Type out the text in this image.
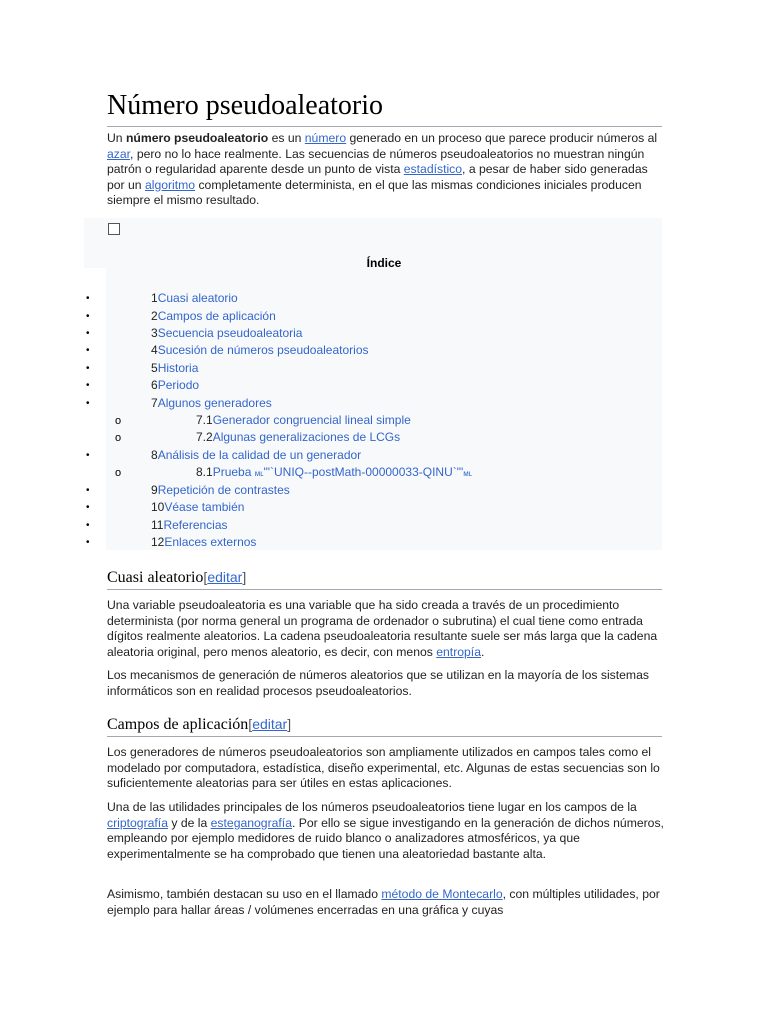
Número pseudoaleatorio
Un número pseudoaleatorio es un número generado en un proceso que parece producir números al azar, pero no lo hace realmente. Las secuencias de números pseudoaleatorios no muestran ningún patrón o regularidad aparente desde un punto de vista estadístico, a pesar de haber sido generadas por un algoritmo completamente determinista, en el que las mismas condiciones iniciales producen siempre el mismo resultado.
Índice
•	1Cuasi aleatorio
•	2Campos de aplicación
•	3Secuencia pseudoaleatoria
•	4Sucesión de números pseudoaleatorios
•	5Historia
•	6Periodo
•	7Algunos generadores
o	7.1Generador congruencial lineal simple
o	7.2Algunas generalizaciones de LCGs
•	8Análisis de la calidad de un generador
o	8.1Prueba ᴍʟ'"`UNIQ--postMath-00000033-QINU`"'ᴍʟ
•	9Repetición de contrastes
•	10Véase también
•	11Referencias
•	12Enlaces externos
Cuasi aleatorio[editar]
Una variable pseudoaleatoria es una variable que ha sido creada a través de un procedimiento determinista (por norma general un programa de ordenador o subrutina) el cual tiene como entrada dígitos realmente aleatorios. La cadena pseudoaleatoria resultante suele ser más larga que la cadena aleatoria original, pero menos aleatorio, es decir, con menos entropía.
Los mecanismos de generación de números aleatorios que se utilizan en la mayoría de los sistemas informáticos son en realidad procesos pseudoaleatorios.
Campos de aplicación[editar]
Los generadores de números pseudoaleatorios son ampliamente utilizados en campos tales como el modelado por computadora, estadística, diseño experimental, etc. Algunas de estas secuencias son lo suficientemente aleatorias para ser útiles en estas aplicaciones.
Una de las utilidades principales de los números pseudoaleatorios tiene lugar en los campos de la criptografía y de la esteganografía. Por ello se sigue investigando en la generación de dichos números, empleando por ejemplo medidores de ruido blanco o analizadores atmosféricos, ya que experimentalmente se ha comprobado que tienen una aleatoriedad bastante alta.
Asimismo, también destacan su uso en el llamado método de Montecarlo, con múltiples utilidades, por ejemplo para hallar áreas / volúmenes encerradas en una gráfica y cuyas
